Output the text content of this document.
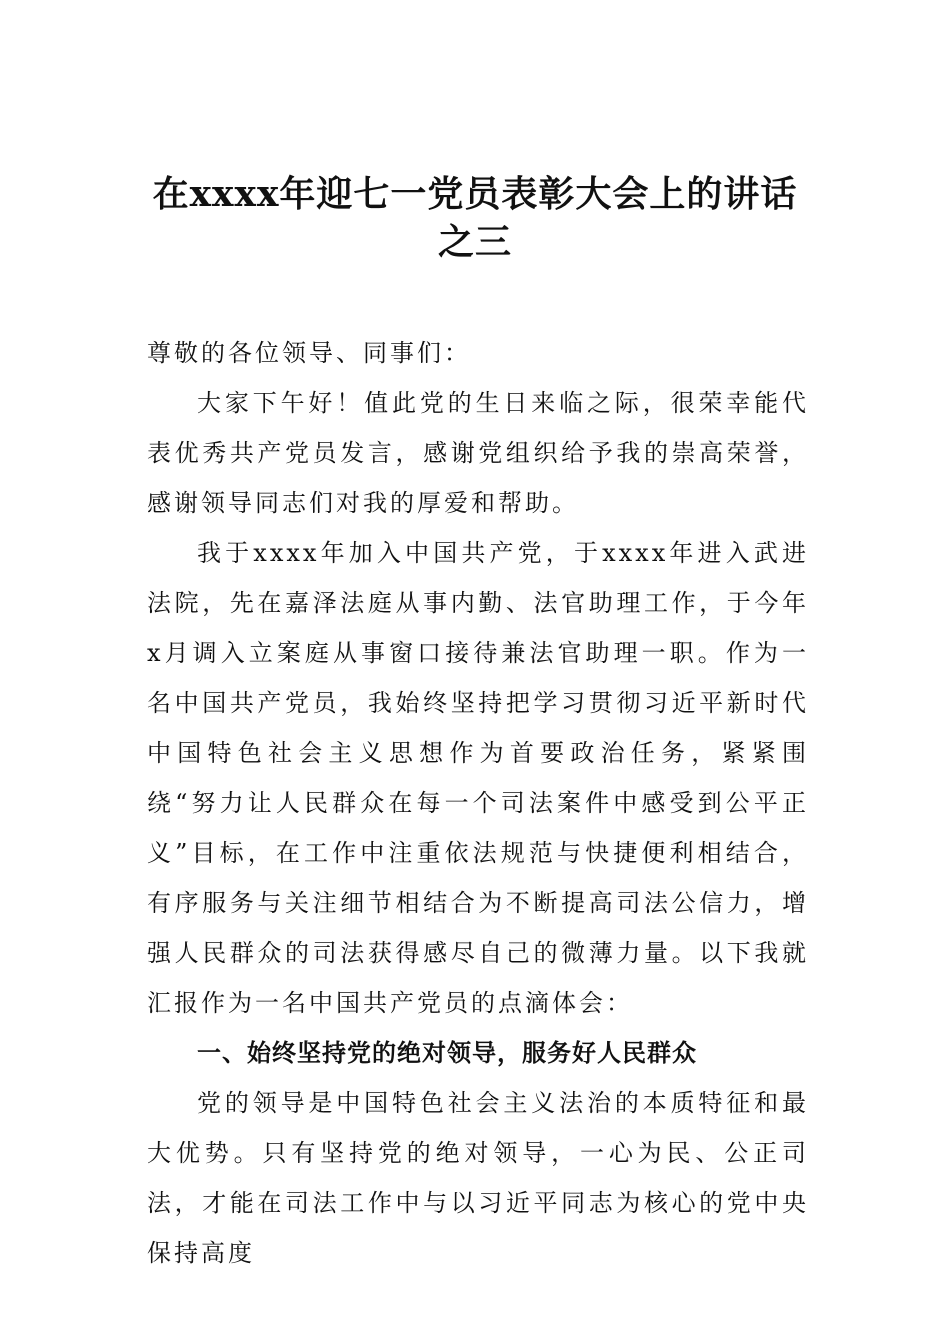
在xxxx年迎七一党员表彰大会上的讲话之三

尊敬的各位领导、同事们：

大家下午好！值此党的生日来临之际，很荣幸能代表优秀共产党员发言，感谢党组织给予我的崇高荣誉，感谢领导同志们对我的厚爱和帮助。

我于xxxx年加入中国共产党，于xxxx年进入武进法院，先在嘉泽法庭从事内勤、法官助理工作，于今年x月调入立案庭从事窗口接待兼法官助理一职。作为一名中国共产党员，我始终坚持把学习贯彻习近平新时代中国特色社会主义思想作为首要政治任务，紧紧围绕“努力让人民群众在每一个司法案件中感受到公平正义”目标，在工作中注重依法规范与快捷便利相结合，有序服务与关注细节相结合为不断提高司法公信力，增强人民群众的司法获得感尽自己的微薄力量。以下我就汇报作为一名中国共产党员的点滴体会：

一、始终坚持党的绝对领导，服务好人民群众

党的领导是中国特色社会主义法治的本质特征和最大优势。只有坚持党的绝对领导，一心为民、公正司法，才能在司法工作中与以习近平同志为核心的党中央保持高度
